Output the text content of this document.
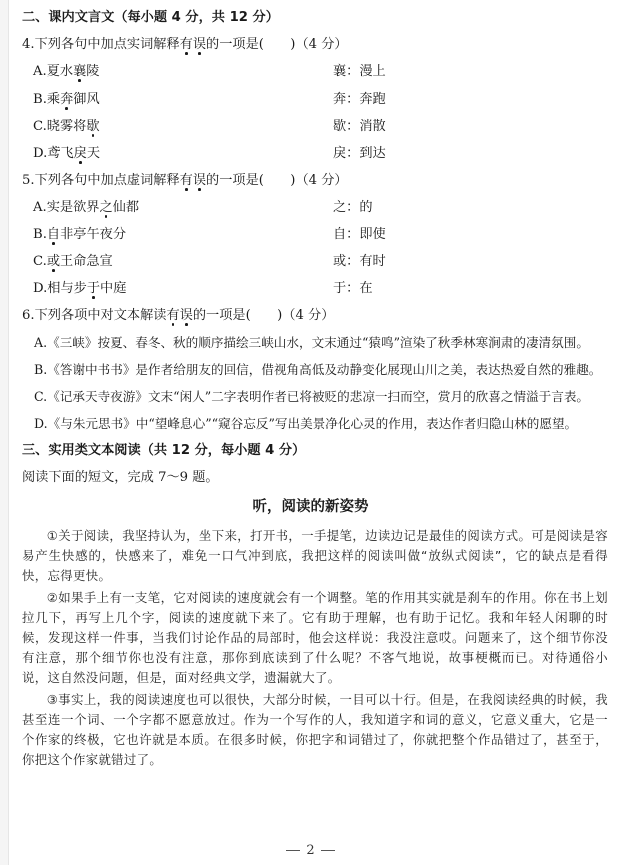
二、课内文言文（每小题 4 分，共 12 分）
4.下列各句中加点实词解释有误的一项是(　　)（4 分）
A.夏水襄陵	襄：漫上
B.乘奔御风	奔：奔跑
C.晓雾将歇	歇：消散
D.鸢飞戾天	戾：到达
5.下列各句中加点虚词解释有误的一项是(　　)（4 分）
A.实是欲界之仙都	之：的
B.自非亭午夜分	自：即使
C.或王命急宣	或：有时
D.相与步于中庭	于：在
6.下列各项中对文本解读有误的一项是(　　)（4 分）
A.《三峡》按夏、春冬、秋的顺序描绘三峡山水，文末通过“猿鸣”渲染了秋季林寒涧肃的凄清氛围。
B.《答谢中书书》是作者给朋友的回信，借视角高低及动静变化展现山川之美，表达热爱自然的雅趣。
C.《记承天寺夜游》文末“闲人”二字表明作者已将被贬的悲凉一扫而空，赏月的欣喜之情溢于言表。
D.《与朱元思书》中“望峰息心”“窥谷忘反”写出美景净化心灵的作用，表达作者归隐山林的愿望。
三、实用类文本阅读（共 12 分，每小题 4 分）
阅读下面的短文，完成 7～9 题。
听，阅读的新姿势

①关于阅读，我坚持认为，坐下来，打开书，一手提笔，边读边记是最佳的阅读方式。可是阅读是容易产生快感的，快感来了，难免一口气冲到底，我把这样的阅读叫做“放纵式阅读”，它的缺点是看得快，忘得更快。

②如果手上有一支笔，它对阅读的速度就会有一个调整。笔的作用其实就是刹车的作用。你在书上划拉几下，再写上几个字，阅读的速度就下来了。它有助于理解，也有助于记忆。我和年轻人闲聊的时候，发现这样一件事，当我们讨论作品的局部时，他会这样说：我没注意哎。问题来了，这个细节你没有注意，那个细节你也没有注意，那你到底读到了什么呢？不客气地说，故事梗概而已。对待通俗小说，这自然没问题，但是，面对经典文学，遗漏就大了。

③事实上，我的阅读速度也可以很快，大部分时候，一目可以十行。但是，在我阅读经典的时候，我甚至连一个词、一个字都不愿意放过。作为一个写作的人，我知道字和词的意义，它意义重大，它是一个作家的终极，它也许就是本质。在很多时候，你把字和词错过了，你就把整个作品错过了，甚至于，你把这个作家就错过了。

2
